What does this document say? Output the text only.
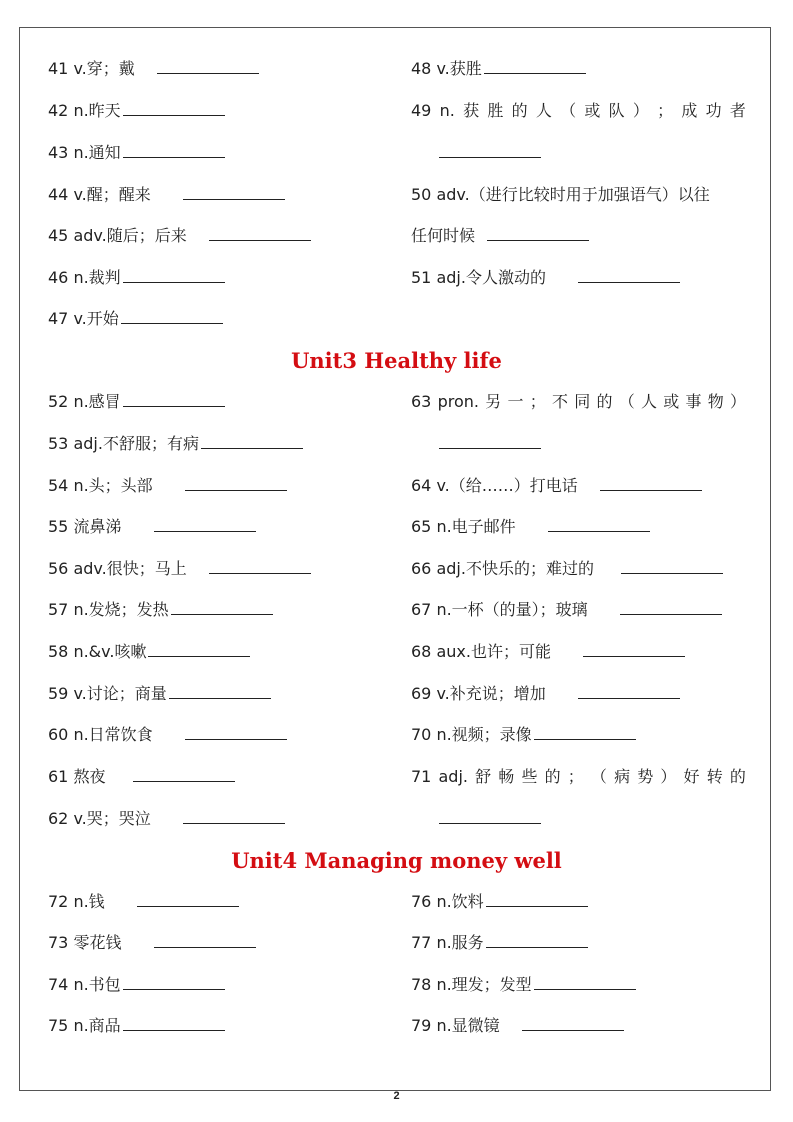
41 v.穿；戴
42 n.昨天
43 n.通知
44 v.醒；醒来
45 adv.随后；后来
46 n.裁判
47 v.开始
48 v.获胜
49 n. 获 胜 的 人 （ 或 队 ） ； 成 功 者
50 adv.（进行比较时用于加强语气）以往
任何时候
51 adj.令人激动的
Unit3 Healthy life
52 n.感冒
53 adj.不舒服；有病
54 n.头；头部
55 流鼻涕
56 adv.很快；马上
57 n.发烧；发热
58 n.&v.咳嗽
59 v.讨论；商量
60 n.日常饮食
61 熬夜
62 v.哭；哭泣
63 pron. 另 一 ； 不 同 的 （ 人 或 事 物 ）
64 v.（给……）打电话
65 n.电子邮件
66 adj.不快乐的；难过的
67 n.一杯（的量）；玻璃
68 aux.也许；可能
69 v.补充说；增加
70 n.视频；录像
71 adj. 舒 畅 些 的 ； （ 病 势 ） 好 转 的
Unit4 Managing money well
72 n.钱
73 零花钱
74 n.书包
75 n.商品
76 n.饮料
77 n.服务
78 n.理发；发型
79 n.显微镜
2
